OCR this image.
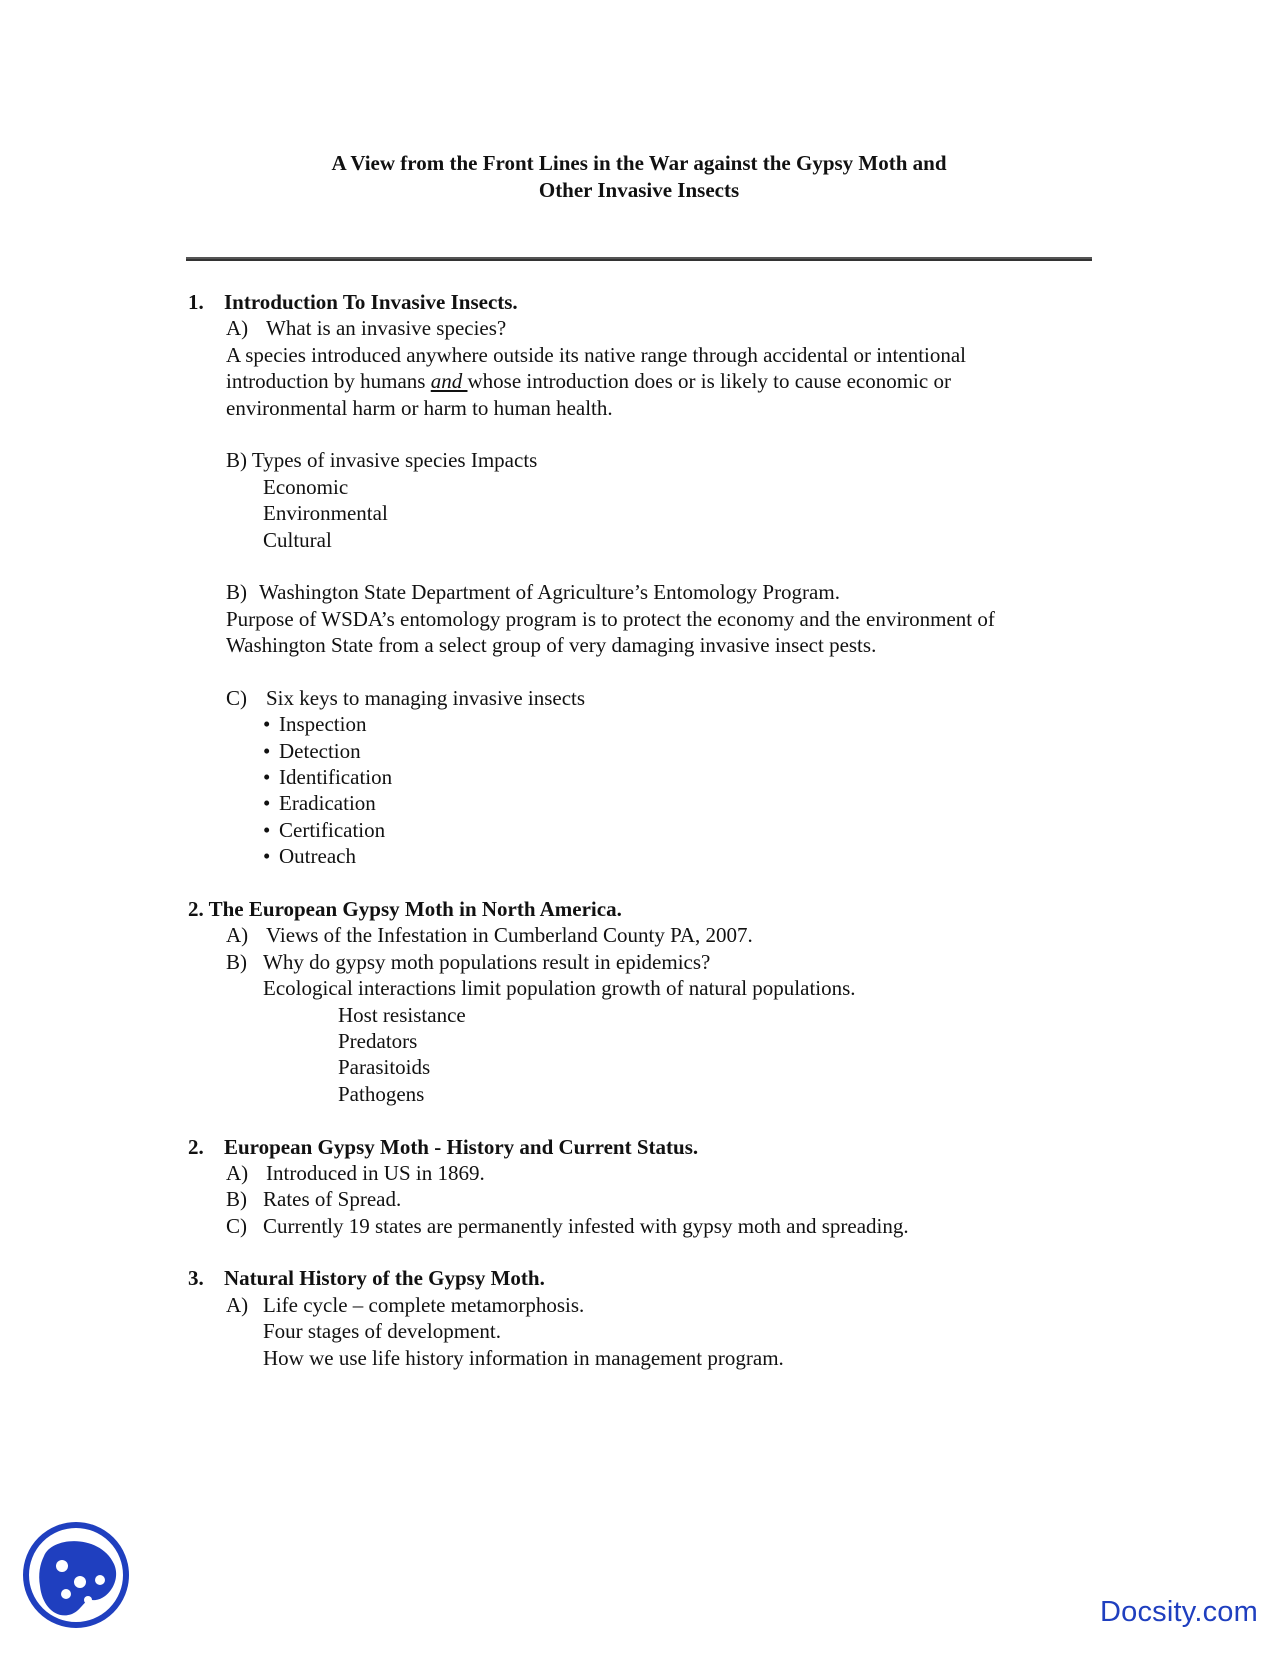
A View from the Front Lines in the War against the Gypsy Moth and
Other Invasive Insects
1. Introduction To Invasive Insects.
A) What is an invasive species?
A species introduced anywhere outside its native range through accidental or intentional
introduction by humans and whose introduction does or is likely to cause economic or
environmental harm or harm to human health.
B) Types of invasive species Impacts
Economic
Environmental
Cultural
B) Washington State Department of Agriculture’s Entomology Program.
Purpose of WSDA’s entomology program is to protect the economy and the environment of
Washington State from a select group of very damaging invasive insect pests.
C) Six keys to managing invasive insects
• Inspection
• Detection
• Identification
• Eradication
• Certification
• Outreach
2. The European Gypsy Moth in North America.
A) Views of the Infestation in Cumberland County PA, 2007.
B) Why do gypsy moth populations result in epidemics?
Ecological interactions limit population growth of natural populations.
Host resistance
Predators
Parasitoids
Pathogens
2. European Gypsy Moth - History and Current Status.
A) Introduced in US in 1869.
B) Rates of Spread.
C) Currently 19 states are permanently infested with gypsy moth and spreading.
3. Natural History of the Gypsy Moth.
A) Life cycle – complete metamorphosis.
Four stages of development.
How we use life history information in management program.
Docsity.com
